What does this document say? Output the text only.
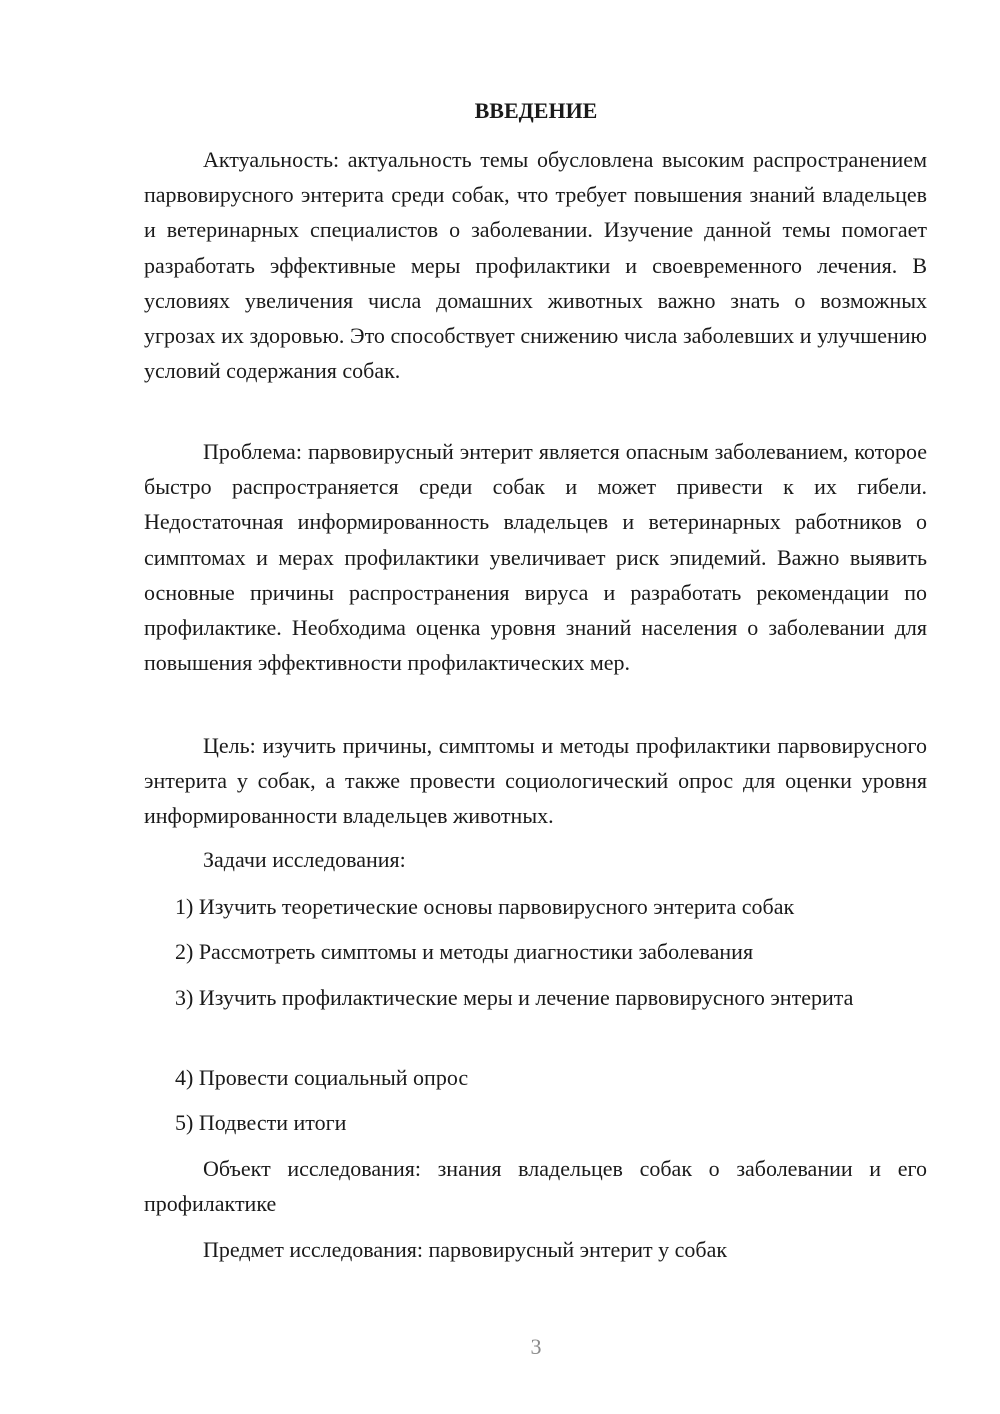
ВВЕДЕНИЕ

Актуальность: актуальность темы обусловлена высоким распространением парвовирусного энтерита среди собак, что требует повышения знаний владельцев и ветеринарных специалистов о заболевании. Изучение данной темы помогает разработать эффективные меры профилактики и своевременного лечения. В условиях увеличения числа домашних животных важно знать о возможных угрозах их здоровью. Это способствует снижению числа заболевших и улучшению условий содержания собак.

Проблема: парвовирусный энтерит является опасным заболеванием, которое быстро распространяется среди собак и может привести к их гибели. Недостаточная информированность владельцев и ветеринарных работников о симптомах и мерах профилактики увеличивает риск эпидемий. Важно выявить основные причины распространения вируса и разработать рекомендации по профилактике. Необходима оценка уровня знаний населения о заболевании для повышения эффективности профилактических мер.

Цель: изучить причины, симптомы и методы профилактики парвовирусного энтерита у собак, а также провести социологический опрос для оценки уровня информированности владельцев животных.

Задачи исследования:

1) Изучить теоретические основы парвовирусного энтерита собак

2) Рассмотреть симптомы и методы диагностики заболевания

3) Изучить профилактические меры и лечение парвовирусного энтерита

4) Провести социальный опрос

5) Подвести итоги

Объект исследования: знания владельцев собак о заболевании и его профилактике

Предмет исследования: парвовирусный энтерит у собак

3
